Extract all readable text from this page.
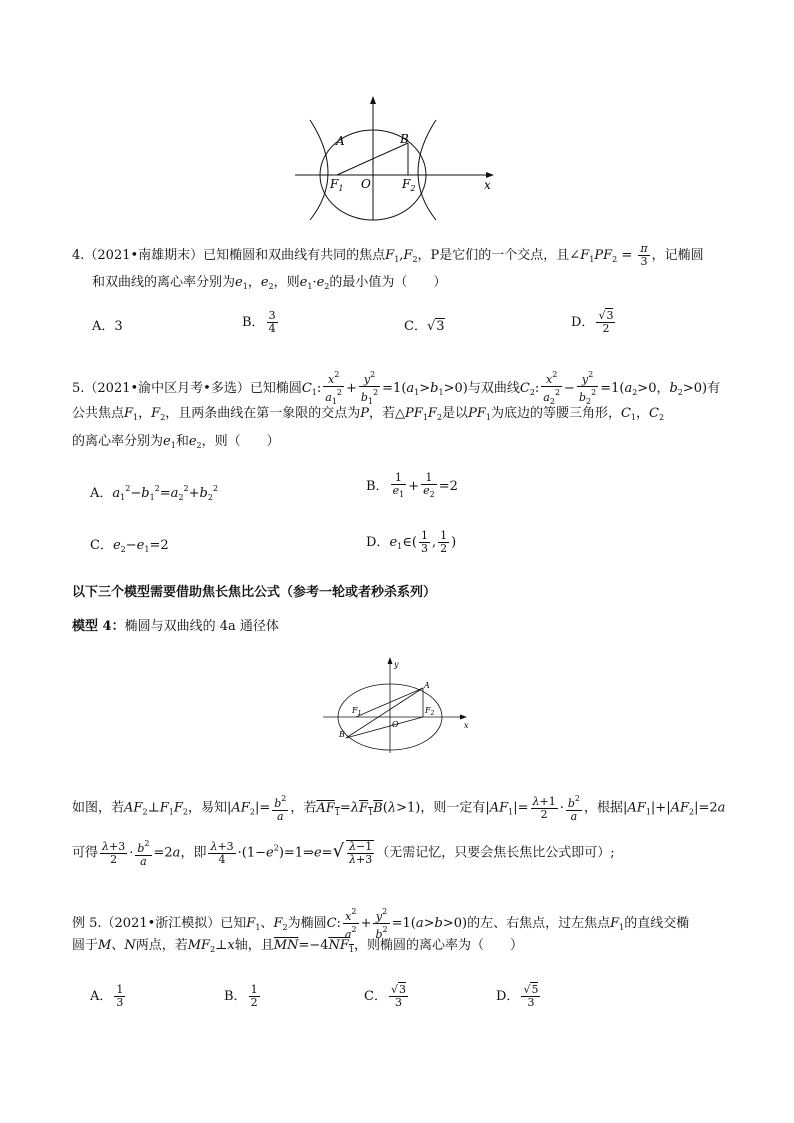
A	B
$F_1$ O	$F_2$	x
4.（2021•南雄期末）已知椭圆和双曲线有共同的焦点$F_1,F_2$，P是它们的一个交点，且$\angle F_1PF_2 = \frac{\pi}{3}$ ，记椭圆
和双曲线的离心率分别为$e_1$，$e_2$，则$e_1\cdot e_2$的最小值为（　　）
A．3	B． $\frac{3}{4}$	C．√3	D． $\frac{√3}{2}$
5.（2021•渝中区月考•多选）已知椭圆$C_1$: $\frac{x^2}{a_1^2} + \frac{y^2}{b_1^2} =1(a_1>b_1>0)$与双曲线$C_2$: $\frac{x^2}{a_2^2} - \frac{y^2}{b_2^2} =1(a_2>0$，$b_2>0$)有
公共焦点$F_1$，$F_2$，且两条曲线在第一象限的交点为P，若$\triangle PF_1F_2$是以$PF_1$为底边的等腰三角形，$C_1$，$C_2$
的离心率分别为$e_1$和$e_2$，则（　　）
A．$a_1^2-b_1^2=a_2^2+b_2^2$	B． $\frac{1}{e_1} + \frac{1}{e_2} =2$
C．$e_2-e_1=2$	D．$e_1\in( \frac{1}{3}$ , $\frac{1}{2}$ )
以下三个模型需要借助焦长焦比公式（参考一轮或者秒杀系列）
模型 4：椭圆与双曲线的 4a 通径体
y
A
$F_1$
O
$F_2$
x
B
如图，若$AF_2\perp F_1F_2$，易知$|AF_2|= \frac{b^2}{a}$ ，若$AF_1=\lambda F_1B(\lambda>1)$，则一定有$|AF_1|= \frac{\lambda+1}{2} \cdot \frac{b^2}{a}$ ，根据$|AF_1|+|AF_2|=2a$
可得 $\frac{\lambda+3}{2} \cdot \frac{b^2}{a} =2a$，即 $\frac{\lambda+3}{4}$ $\cdot(1-e^2)=1\Rightarrow e=√ \frac{\lambda-1}{\lambda+3}$ （无需记忆，只要会焦长焦比公式即可）;
例 5.（2021•浙江模拟）已知$F_1$、$F_2$为椭圆C: $\frac{x^2}{a^2} + \frac{y^2}{b^2} =1(a>b>0)$的左、右焦点，过左焦点$F_1$的直线交椭
圆于M、N两点，若$MF_2\perp x$轴，且$\overline{MN}=-4NF_1$，则椭圆的离心率为（　　）
A． $\frac{1}{3}$	B． $\frac{1}{2}$	C． $\frac{√3}{3}$	D． $\frac{√5}{3}$
